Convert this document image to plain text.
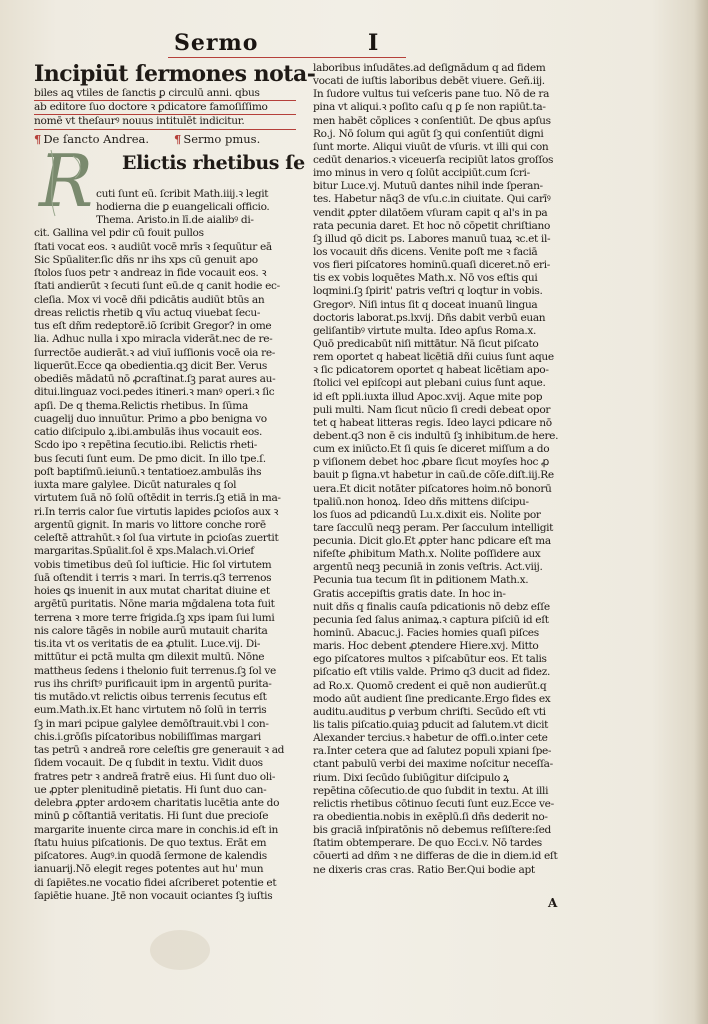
Sermo	I
Incipiūt ſermones nota-
biles aꝗ vtiles de ſanctis ꝑ circulū anni. qbus
ab editore ſuo doctore ꝛ ꝑdicatore famoſiſſimo
nomē vt theſaurꝰ nouus intitulēt indicitur.
¶ De ſancto Andrea. ¶ Sermo pmus.
R Elictis rhetibus ſe
cuti ſunt eū. ſcribit Math.iiij.ꝛ legit
hodierna die ꝑ euangelicali officio.
Thema. Aristo.in lī.de aialibꝰ di-
cit. Gallina vel pdir cū fouit pullos
ſtati vocat eos. ꝛ audiūt vocē mrīs ꝛ ſequūtur eā
Sic Spūaliter.ſic dñs nr ihs xps cū genuit apo
ſtolos ſuos petr ꝛ andreaz in fide vocauit eos. ꝛ
ſtati andierūt ꝛ ſecuti ſunt eū.de q canit hodie ec-
cleſia. Mox vi vocē dñi pdicātis audiūt btūs an
dreas relictis rhetib ꝗ vīu actuq viuebat ſecu-
tus eſt dñm redeptorē.iõ ſcribit Gregor? in ome
lia. Adhuc nulla i xpo miracla viderāt.nec de re-
ſurrectōe audierāt.ꝛ ad viuī iuſſionis vocē oia re-
liquerūt.Ecce ꝗa obedientia.qꝫ dicit Ber. Verus
obediēs mādatū nō ꝓcraſtinat.ſꝫ parat aures au-
ditui.linguaz voci.pedes itineri.ꝛ manꝰ operi.ꝛ ſic
apſi. De q thema.Relictis rhetibus. In ſūma
cuagelij duo innuūtur. Primo a ꝑbo benigna vo
catio diſcipulo ꝝ.ibi.ambulās ihus vocauit eos.
Scdo ipo ꝛ repētina ſecutio.ibi. Relictis rheti-
bus ſecuti ſunt eum. De pmo dicit. In illo tpe.ſ.
poſt baptiſmū.ieiunū.ꝛ tentatioez.ambulās ihs
iuxta mare galylee. Dicūt naturales q ſol
virtutem ſuā nō ſolū oſtēdit in terris.ſꝫ etiā in ma-
ri.In terris calor ſue virtutis lapides ꝑcioſos aux ꝛ
argentū gignit. In maris vo littore conche rorē
celeſtē attrahūt.ꝛ ſol ſua virtute in ꝑcioſas zuertit
margaritas.Spūalit.ſol ē xps.Malach.vi.Orief
vobis timetibus deū ſol iuſticie. Hic ſol virtutem
ſuā oſtendit i terris ꝛ mari. In terris.q3 terrenos
hoies ꝗs inuenit in aux mutat charitat diuine et
argētū puritatis. Nōne maria mḡdalena tota fuit
terrena ꝛ more terre frigida.ſꝫ xps ipam ſui lumi
nis calore tāgēs in nobile aurū mutauit charita
tis.ita vt os veritatis de ea ꝓtulit. Luce.vij. Di-
mittūtur ei pctā multa qm dilexit multū. Nōne
mattheus ſedens i thelonio fuit terrenus.ſꝫ ſol ve
rus ihs chriſtꝰ purificauit ipm in argentū purita-
tis mutādo.vt relictis oibus terrenis ſecutus eſt
eum.Math.ix.Et hanc virtutem nō ſolū in terris
ſꝫ in mari pcipue galylee demōſtrauit.vbi l con-
chis.i.grōſis piſcatoribus nobiliſſimas margari
tas petrū ꝛ andreā rore celeſtis gre generauit ꝛ ad
ſidem vocauit. De q ſubdit in textu. Vidit duos
fratres petr ꝛ andreā fratrē eius. Hi ſunt duo oli-
ue ꝓpter plenitudinē pietatis. Hi ſunt duo can-
delebra ꝓpter ardoꝛem charitatis lucētia ante do
minū ꝑ cōſtantiā veritatis. Hi ſunt due precioſe
margarite inuente circa mare in conchis.id eſt in
ſtatu huius piſcationis. De quo textus. Erāt em
piſcatores. Augꝰ.in quodā ſermone de kalendis
ianuarij.Nō elegit reges potentes aut hu' mun
di ſapiētes.ne vocatio fidei aſcriberet potentie et
ſapiētie huane. Jtē non vocauit ociantes ſꝫ iuſtis
laboribus inſudātes.ad deſignādum q ad fidem
vocati de iuſtis laboribus debēt viuere. Geñ.iij.
In ſudore vultus tui veſceris pane tuo. Nō de ra
pina vt aliqui.ꝛ poſito caſu q ꝑ ſe non rapiūt.ta-
men habēt cōplices ꝛ conſentiūt. De qbus apſus
Ro.j. Nō ſolum qui agūt ſꝫ qui conſentiūt digni
ſunt morte. Aliqui viuūt de vſuris. vt illi qui con
cedūt denarios.ꝛ viceuerſa recipiūt latos groſſos
imo minus in vero q ſolūt accipiūt.cum ſcri-
bitur Luce.vj. Mutuū dantes nihil inde ſperan-
tes. Habetur nāq3 de vſu.c.in ciuitate. Qui carīꝰ
vendit ꝓpter dilatōem vſuram capit q al's in pa
rata pecunia daret. Et hoc nō cōpetit chriſtiano
ſꝫ illud qō dicit ps. Labores manuū tuaꝝ ꝛc.et il-
los vocauit dñs dicens. Venite poſt me ꝛ faciā
vos fieri piſcatores hominū.quaſi diceret.nō eri-
tis ex vobis loquētes Math.x. Nō vos eſtis qui
loqmini.ſꝫ ſpirit' patris veſtri q loqtur in vobis.
Gregorꝰ. Niſi intus ſit q doceat inuanū lingua
doctoris laborat.ps.lxvij. Dñs dabit verbū euan
geliſantibꝰ virtute multa. Ideo apſus Roma.x.
Quō predicabūt niſi mittātur. Nā ſicut piſcato
rem oportet q habeat licētiā dñi cuius ſunt aque
ꝛ ſic pdicatorem oportet q habeat licētiam apo-
ſtolici vel epiſcopi aut plebani cuius ſunt aque.
id eſt ppli.iuxta illud Apoc.xvij. Aque mite pop
puli multi. Nam ſicut nūcio ſi credi debeat opor
tet q habeat litteras regis. Ideo layci pdicare nō
debent.q3 non ē cis indultū ſꝫ inhibitum.de here.
cum ex iniūcto.Et ſi quis ſe diceret miſſum a do
p viſionem debet hoc ꝓbare ſicut moyſes hoc ꝓ
bauit p ſigna.vt habetur in caū.de cōſe.diſt.iij.Re
uera.Et dicit notāter piſcatores hoim.nō bonorū
tpaliū.non honoꝝ. Ideo dñs mittens diſcipu-
los ſuos ad pdicandū Lu.x.dixit eis. Nolite por
tare ſacculū neqꝫ peram. Per ſacculum intelligit
pecunia. Dicit glo.Et ꝓpter hanc pdicare eſt ma
nifeſte ꝓhibitum Math.x. Nolite poſſidere aux
argentū neqꝫ pecuniā in zonis veſtris. Act.viij.
Pecunia tua tecum ſit in ꝑditionem Math.x.
Gratis accepiſtis gratis date. In hoc in-
nuit dñs q finalis cauſa pdicationis nō debz eſſe
pecunia ſed ſalus animaꝝ.ꝛ captura piſciū id eſt
hominū. Abacuc.j. Facies homies quaſi piſces
maris. Hoc debent ꝓtendere Hiere.xvj. Mitto
ego piſcatores multos ꝛ piſcabūtur eos. Et talis
piſcatio eſt vtilis valde. Primo q3 ducit ad fidez.
ad Ro.x. Quomō credent ei quē non audierūt.q
modo aūt audient ſine predicante.Ergo fides ex
auditu.auditus ꝑ verbum chriſti. Secūdo eſt vti
lis talis piſcatio.quiaꝫ pducit ad ſalutem.vt dicit
Alexander tercius.ꝛ habetur de offi.o.inter cete
ra.Inter cetera que ad ſalutez populi xpiani ſpe-
ctant pabulū verbi dei maxime noſcitur neceſſa-
rium. Dixi ſecūdo ſubiūgitur diſcipulo ꝝ
repētina cōſecutio.de quo ſubdit in textu. At illi
relictis rhetibus cōtinuo ſecuti ſunt euz.Ecce ve-
ra obedientia.nobis in exēplū.ſi dñs dederit no-
bis graciā inſpiratōnis nō debemus reſiſtere:ſed
ſtatim obtemperare. De quo Ecci.v. Nō tardes
cōuerti ad dñm ꝛ ne differas de die in diem.id eſt
ne dixeris cras cras. Ratio Ber.Qui bodie apt
A
